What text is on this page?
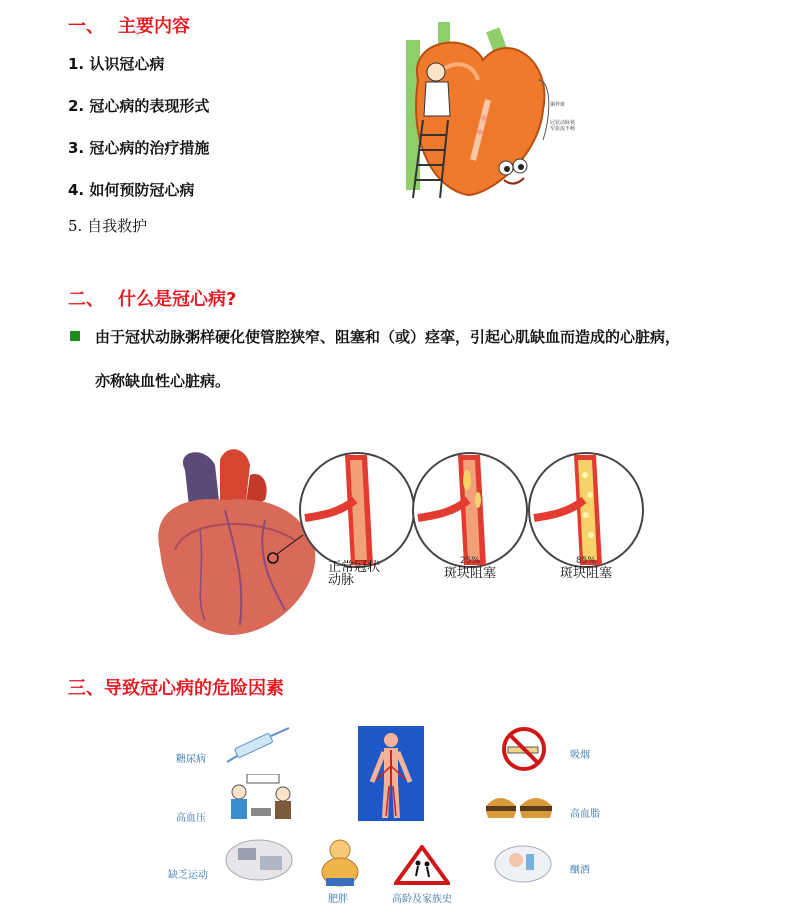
一、 主要内容
1. 认识冠心病
2. 冠心病的表现形式
3. 冠心病的治疗措施
4. 如何预防冠心病
5. 自我救护
粥样斑
冠状动脉狭
窄血流不畅
二、 什么是冠心病?
由于冠状动脉粥样硬化使管腔狭窄、阻塞和（或）痉挛，引起心肌缺血而造成的心脏病，
亦称缺血性心脏病。
正常冠状
动脉
25%
斑块阻塞
85%
斑块阻塞
三、导致冠心病的危险因素
糖尿病
高血压
缺乏运动
肥胖	高龄及家族史
吸烟
高血脂
酗酒
